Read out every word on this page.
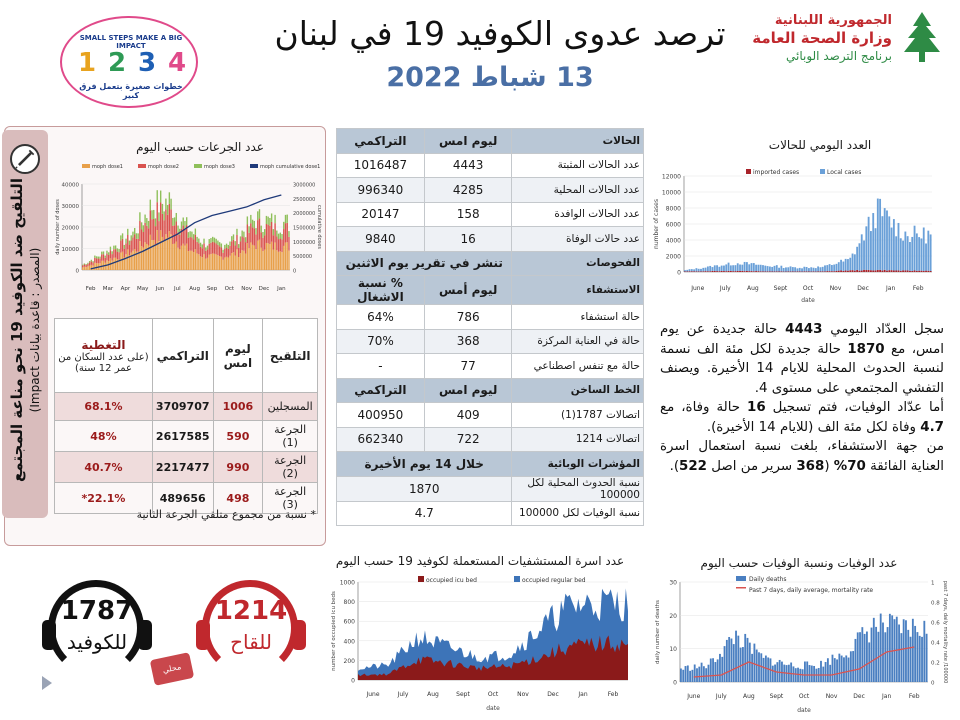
ترصد عدوى الكوفيد 19 في لبنان
13 شباط 2022
الجمهورية اللبنانية
وزارة الصحة العامة
برنامج الترصد الوبائي
SMALL STEPS MAKE A BIG IMPACT
1 2 3 4
خطوات صغيرة بتعمل فرق كبير
التلقيح ضد الكوفيد 19 نحو مناعة المجتمع
(المصدر : قاعدة بيانات Impact)
عدد الجرعات حسب اليوم
0
10000
20000
30000
40000
Feb Mar Apr May Jun Jul Aug Sep Oct Nov Dec Jan
0
500000
1000000
1500000
2000000
2500000
3000000
daily number of doses	cumulative doses
moph dose1	moph dose2	moph dose3	moph cumulative dose1
التلقيح	ليوم امس	التراكمي	التغطية
(على عدد السكان من عمر 12 سنة)

المسجلين	1006	3709707	68.1%
الجرعة (1)	590	2617585	48%
الجرعة (2)	990	2217477	40.7%
الجرعة (3)	498	489656	22.1%*
* نسبة من مجموع متلقي الجرعة الثانية
الحالات	ليوم امس	التراكمي
عدد الحالات المثبتة	4443	1016487
عدد الحالات المحلية	4285	996340
عدد الحالات الوافدة	158	20147
عدد حالات الوفاة	16	9840
الفحوصات	تنشر في تقرير يوم الاثنين	
الاستشفاء	ليوم أمس	% نسبة الاشغال
حالة استشفاء	786	64%
حالة في العناية المركزة	368	70%
حالة مع تنفس اصطناعي	77	-
الخط الساخن	ليوم امس	التراكمي
اتصالات 1787(1)	409	400950
اتصالات 1214	722	662340
المؤشرات الوبائية	خلال 14 يوم الأخيرة	
نسبة الحدوث المحلية لكل 100000	1870	
نسبة الوفيات لكل 100000	4.7	
العدد اليومي للحالات
0
2000
4000
6000
8000
10000
12000
June	July	Aug Sept	Oct	Nov	Dec	Jan	Feb
number of cases
date
imported cases	Local cases
سجل العدّاد اليومي 4443 حالة جديدة عن يوم امس، مع 1870 حالة جديدة لكل مئة الف نسمة لنسبة الحدوث المحلية للايام 14 الأخيرة. ويصنف التفشي المجتمعي على مستوى 4.
أما عدّاد الوفيات، فتم تسجيل 16 حالة وفاة، مع 4.7 وفاة لكل مئة الف (للايام 14 الأخيرة).
من جهة الاستشفاء، بلغت نسبة استعمال اسرة العناية الفائقة 70% (368 سرير من اصل 522).
عدد اسرة المستشفيات المستعملة لكوفيد 19 حسب اليوم
0
200
400
600
800
1000
June	July	Aug	Sept	Oct	Nov	Dec	Jan	Feb
number of occupied icu beds
date
occupied icu bed	occupied regular bed
عدد الوفيات ونسبة الوفيات حسب اليوم
0
10
20
30
June	July	Aug Sept	Oct	Nov	Dec	Jan	Feb
0
0.2
0.4
0.6
0.8
1
daily number of deaths	past 7 days, daily mortality rate /100000
date
Daily deaths
Past 7 days, daily average, mortality rate
1787
للكوفيد
1214
للقاح
محلي
